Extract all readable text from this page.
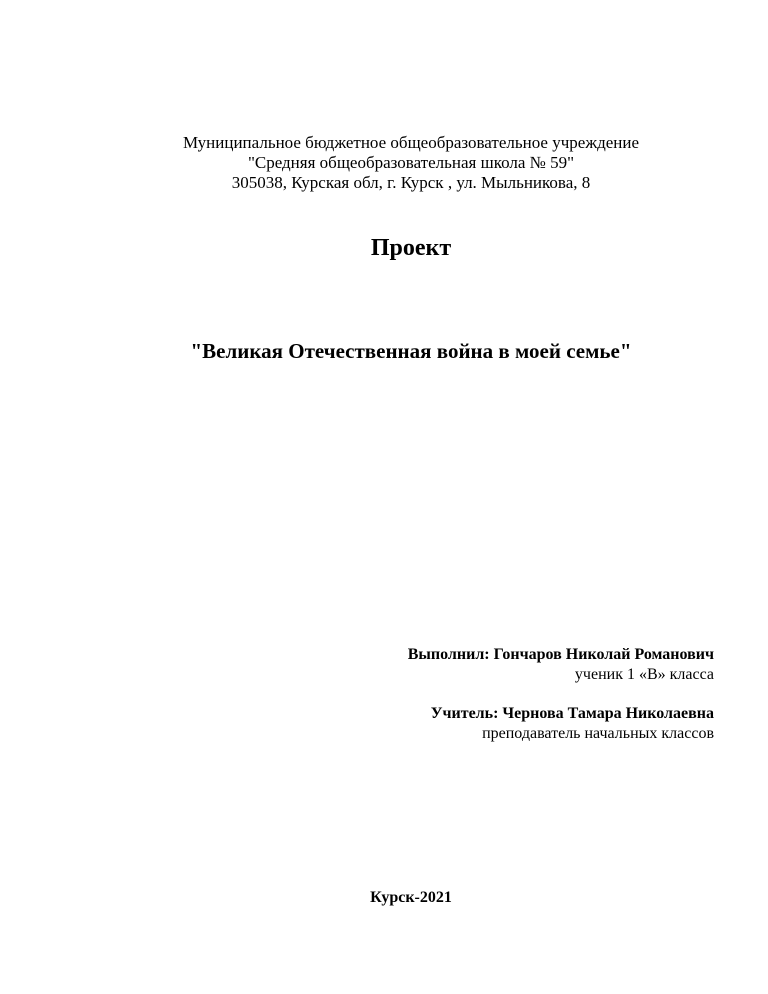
Муниципальное бюджетное общеобразовательное учреждение
"Средняя общеобразовательная школа № 59"
305038, Курская обл, г. Курск , ул. Мыльникова, 8
Проект
"Великая Отечественная война в моей семье"
Выполнил: Гончаров Николай Романович
ученик 1 «В» класса
Учитель: Чернова Тамара Николаевна
преподаватель начальных классов
Курск-2021
